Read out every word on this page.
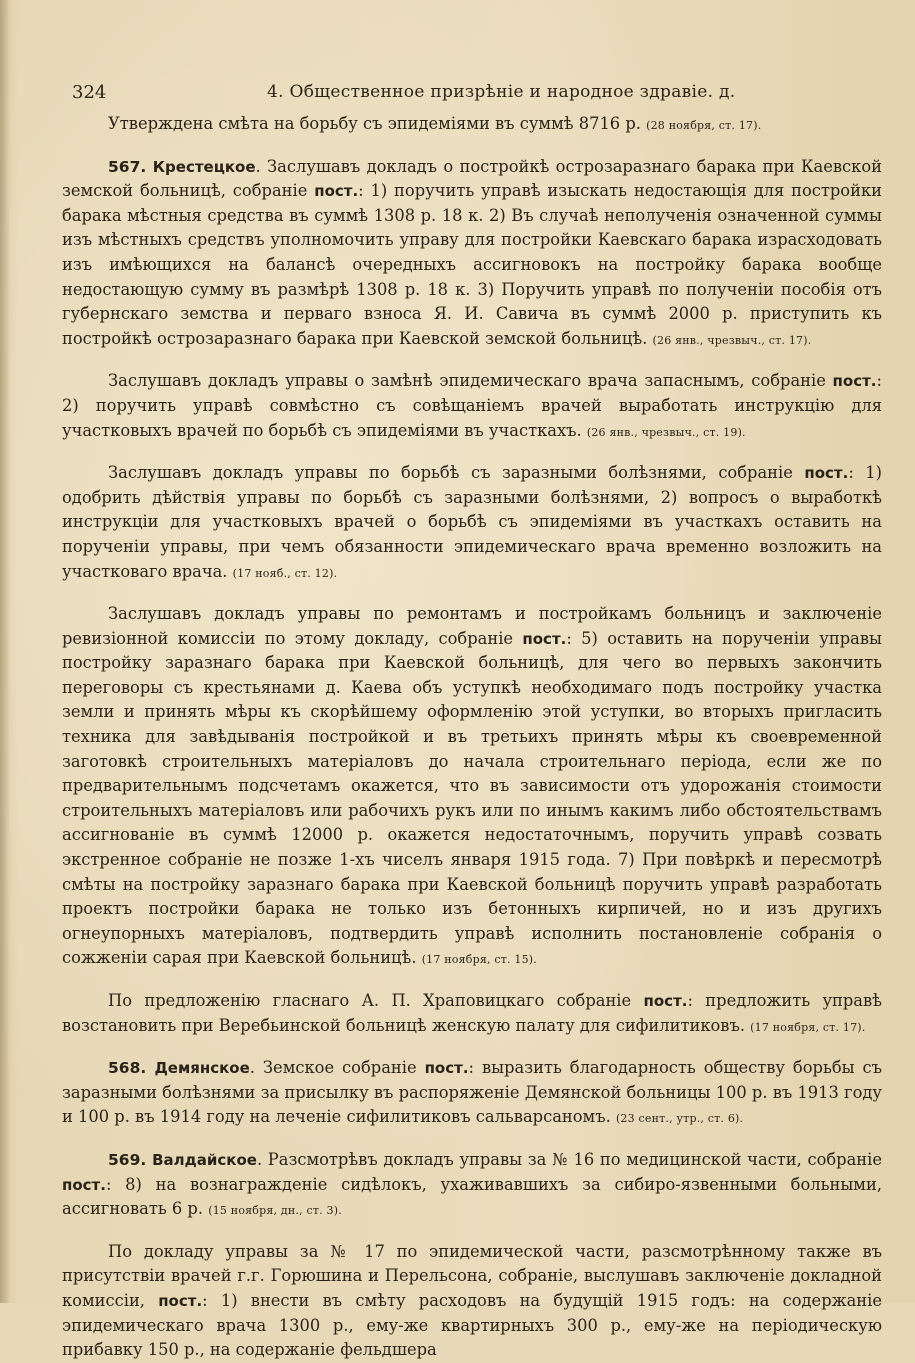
324	4. Общественное призрѣніе и народное здравіе. д.

Утверждена смѣта на борьбу съ эпидеміями въ суммѣ 8716 р. (28 ноября, ст. 17).

567. Крестецкое. Заслушавъ докладъ о постройкѣ острозаразнаго барака при Каевской земской больницѣ, собраніе пост.: 1) поручить управѣ изыскать недостающія для постройки барака мѣстныя средства въ суммѣ 1308 р. 18 к. 2) Въ случаѣ неполученія означенной суммы изъ мѣстныхъ средствъ уполномочить управу для постройки Каевскаго барака израсходовать изъ имѣющихся на балансѣ очередныхъ ассигновокъ на постройку барака вообще недостающую сумму въ размѣрѣ 1308 р. 18 к. 3) Поручить управѣ по полученіи пособія отъ губернскаго земства и перваго взноса Я. И. Савича въ суммѣ 2000 р. приступить къ постройкѣ острозаразнаго барака при Каевской земской больницѣ. (26 янв., чрезвыч., ст. 17).

Заслушавъ докладъ управы о замѣнѣ эпидемическаго врача запаснымъ, собраніе пост.: 2) поручить управѣ совмѣстно съ совѣщаніемъ врачей выработать инструкцію для участковыхъ врачей по борьбѣ съ эпидеміями въ участкахъ. (26 янв., чрезвыч., ст. 19).

Заслушавъ докладъ управы по борьбѣ съ заразными болѣзнями, собраніе пост.: 1) одобрить дѣйствія управы по борьбѣ съ заразными болѣзнями, 2) вопросъ о выработкѣ инструкціи для участковыхъ врачей о борьбѣ съ эпидеміями въ участкахъ оставить на порученіи управы, при чемъ обязанности эпидемическаго врача временно возложить на участковаго врача. (17 нояб., ст. 12).

Заслушавъ докладъ управы по ремонтамъ и постройкамъ больницъ и заключеніе ревизіонной комиссіи по этому докладу, собраніе пост.: 5) оставить на порученіи управы постройку заразнаго барака при Каевской больницѣ, для чего во первыхъ закончить переговоры съ крестьянами д. Каева объ уступкѣ необходимаго подъ постройку участка земли и принять мѣры къ скорѣйшему оформленію этой уступки, во вторыхъ пригласить техника для завѣдыванія постройкой и въ третьихъ принять мѣры къ своевременной заготовкѣ строительныхъ матеріаловъ до начала строительнаго періода, если же по предварительнымъ подсчетамъ окажется, что въ зависимости отъ удорожанія стоимости строительныхъ матеріаловъ или рабочихъ рукъ или по инымъ какимъ либо обстоятельствамъ ассигнованіе въ суммѣ 12000 р. окажется недостаточнымъ, поручить управѣ созвать экстренное собраніе не позже 1-хъ чиселъ января 1915 года. 7) При повѣркѣ и пересмотрѣ смѣты на постройку заразнаго барака при Каевской больницѣ поручить управѣ разработать проектъ постройки барака не только изъ бетонныхъ кирпичей, но и изъ другихъ огнеупорныхъ матеріаловъ, подтвердить управѣ исполнить постановленіе собранія о сожженіи сарая при Каевской больницѣ. (17 ноября, ст. 15).

По предложенію гласнаго А. П. Храповицкаго собраніе пост.: предложить управѣ возстановить при Веребьинской больницѣ женскую палату для сифилитиковъ. (17 ноября, ст. 17).

568. Демянское. Земское собраніе пост.: выразить благодарность обществу борьбы съ заразными болѣзнями за присылку въ распоряженіе Демянской больницы 100 р. въ 1913 году и 100 р. въ 1914 году на леченіе сифилитиковъ сальварсаномъ. (23 сент., утр., ст. 6).

569. Валдайское. Разсмотрѣвъ докладъ управы за № 16 по медицинской части, собраніе пост.: 8) на вознагражденіе сидѣлокъ, ухаживавшихъ за сибиро-язвенными больными, ассигновать 6 р. (15 ноября, дн., ст. 3).

По докладу управы за № 17 по эпидемической части, разсмотрѣнному также въ присутствіи врачей г.г. Горюшина и Перельсона, собраніе, выслушавъ заключеніе докладной комиссіи, пост.: 1) внести въ смѣту расходовъ на будущій 1915 годъ: на содержаніе эпидемическаго врача 1300 р., ему-же квартирныхъ 300 р., ему-же на періодическую прибавку 150 р., на содержаніе фельдшера
